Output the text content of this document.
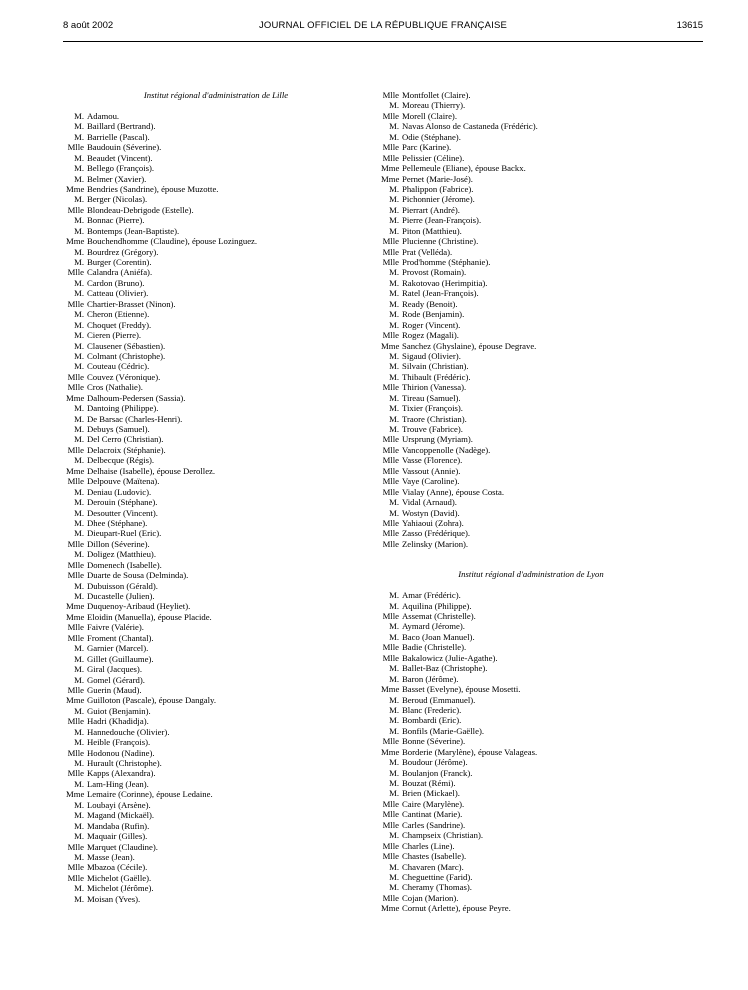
8 août 2002	JOURNAL OFFICIEL DE LA RÉPUBLIQUE FRANÇAISE	13615
Institut régional d'administration de Lille
M. Adamou.
M. Baillard (Bertrand).
M. Barrielle (Pascal).
Mlle Baudouin (Séverine).
M. Beaudet (Vincent).
M. Bellego (François).
M. Belmer (Xavier).
Mme Bendries (Sandrine), épouse Muzotte.
M. Berger (Nicolas).
Mlle Blondeau-Debrigode (Estelle).
M. Bonnac (Pierre).
M. Bontemps (Jean-Baptiste).
Mme Bouchendhomme (Claudine), épouse Lozinguez.
M. Bourdrez (Grégory).
M. Burger (Corentin).
Mlle Calandra (Aniéfa).
M. Cardon (Bruno).
M. Catteau (Olivier).
Mlle Chartier-Brasset (Ninon).
M. Cheron (Etienne).
M. Choquet (Freddy).
M. Cieren (Pierre).
M. Clausener (Sébastien).
M. Colmant (Christophe).
M. Couteau (Cédric).
Mlle Couvez (Véronique).
Mlle Cros (Nathalie).
Mme Dalhoum-Pedersen (Sassia).
M. Dantoing (Philippe).
M. De Barsac (Charles-Henri).
M. Debuys (Samuel).
M. Del Cerro (Christian).
Mlle Delacroix (Stéphanie).
M. Delbecque (Régis).
Mme Delhaise (Isabelle), épouse Derollez.
Mlle Delpouve (Maïtena).
M. Deniau (Ludovic).
M. Derouin (Stéphane).
M. Desoutter (Vincent).
M. Dhee (Stéphane).
M. Dieupart-Ruel (Eric).
Mlle Dillon (Séverine).
M. Doligez (Matthieu).
Mlle Domenech (Isabelle).
Mlle Duarte de Sousa (Delminda).
M. Dubuisson (Gérald).
M. Ducastelle (Julien).
Mme Duquenoy-Aribaud (Heyliet).
Mme Eloidin (Manuella), épouse Placide.
Mlle Faivre (Valérie).
Mlle Froment (Chantal).
M. Garnier (Marcel).
M. Gillet (Guillaume).
M. Giral (Jacques).
M. Gomel (Gérard).
Mlle Guerin (Maud).
Mme Guilloton (Pascale), épouse Dangaly.
M. Guiot (Benjamin).
Mlle Hadri (Khadidja).
M. Hannedouche (Olivier).
M. Heible (François).
Mlle Hodonou (Nadine).
M. Hurault (Christophe).
Mlle Kapps (Alexandra).
M. Lam-Hing (Jean).
Mme Lemaire (Corinne), épouse Ledaine.
M. Loubayi (Arsène).
M. Magand (Mickaël).
M. Mandaba (Rufin).
M. Maquair (Gilles).
Mlle Marquet (Claudine).
M. Masse (Jean).
Mlle Mbazoa (Cécile).
Mlle Michelot (Gaëlle).
M. Michelot (Jérôme).
M. Moisan (Yves).
Mlle Montfollet (Claire).
M. Moreau (Thierry).
Mlle Morell (Claire).
M. Navas Alonso de Castaneda (Frédéric).
M. Odie (Stéphane).
Mlle Parc (Karine).
Mlle Pelissier (Céline).
Mme Pellemeule (Eliane), épouse Backx.
Mme Pernet (Marie-José).
M. Phalippon (Fabrice).
M. Pichonnier (Jérome).
M. Pierrart (André).
M. Pierre (Jean-François).
M. Piton (Matthieu).
Mlle Plucienne (Christine).
Mlle Prat (Velléda).
Mlle Prod'homme (Stéphanie).
M. Provost (Romain).
M. Rakotovao (Herimpitia).
M. Ratel (Jean-François).
M. Ready (Benoit).
M. Rode (Benjamin).
M. Roger (Vincent).
Mlle Rogez (Magali).
Mme Sanchez (Ghyslaine), épouse Degrave.
M. Sigaud (Olivier).
M. Silvain (Christian).
M. Thibault (Frédéric).
Mlle Thirion (Vanessa).
M. Tireau (Samuel).
M. Tixier (François).
M. Traore (Christian).
M. Trouve (Fabrice).
Mlle Ursprung (Myriam).
Mlle Vancoppenolle (Nadège).
Mlle Vasse (Florence).
Mlle Vassout (Annie).
Mlle Vaye (Caroline).
Mlle Vialay (Anne), épouse Costa.
M. Vidal (Arnaud).
M. Wostyn (David).
Mlle Yahiaoui (Zohra).
Mlle Zasso (Frédérique).
Mlle Zelinsky (Marion).
Institut régional d'administration de Lyon
M. Amar (Frédéric).
M. Aquilina (Philippe).
Mlle Assemat (Christelle).
M. Aymard (Jérome).
M. Baco (Joan Manuel).
Mlle Badie (Christelle).
Mlle Bakalowicz (Julie-Agathe).
M. Ballet-Baz (Christophe).
M. Baron (Jérôme).
Mme Basset (Evelyne), épouse Mosetti.
M. Beroud (Emmanuel).
M. Blanc (Frederic).
M. Bombardi (Eric).
M. Bonfils (Marie-Gaëlle).
Mlle Bonne (Séverine).
Mme Borderie (Marylène), épouse Valageas.
M. Boudour (Jérôme).
M. Boulanjon (Franck).
M. Bouzat (Rémi).
M. Brien (Mickael).
Mlle Caire (Marylène).
Mlle Cantinat (Marie).
Mlle Carles (Sandrine).
M. Champseix (Christian).
Mlle Charles (Line).
Mlle Chastes (Isabelle).
M. Chavaren (Marc).
M. Cheguettine (Farid).
M. Cheramy (Thomas).
Mlle Cojan (Marion).
Mme Cornut (Arlette), épouse Peyre.
